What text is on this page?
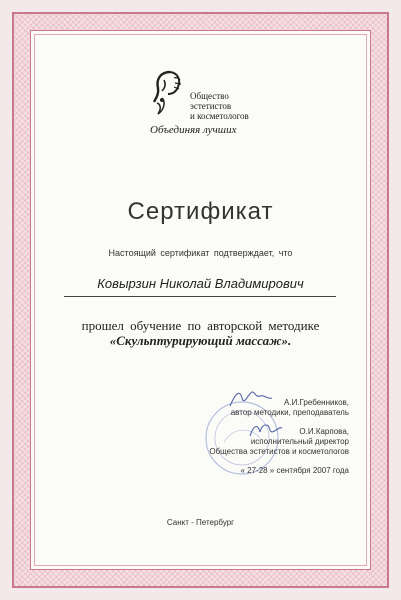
Общество
эстетистов
и косметологов
Объединяя лучших
Сертификат
Настоящий сертификат подтверждает, что
Ковырзин Николай Владимирович
прошел обучение по авторской методике
«Скульптурирующий массаж».
А.И.Гребенников,
автор методики, преподаватель
О.И.Карпова,
исполнительный директор
Общества эстетистов и косметологов
« 27-28 » сентября 2007 года
Санкт - Петербург
